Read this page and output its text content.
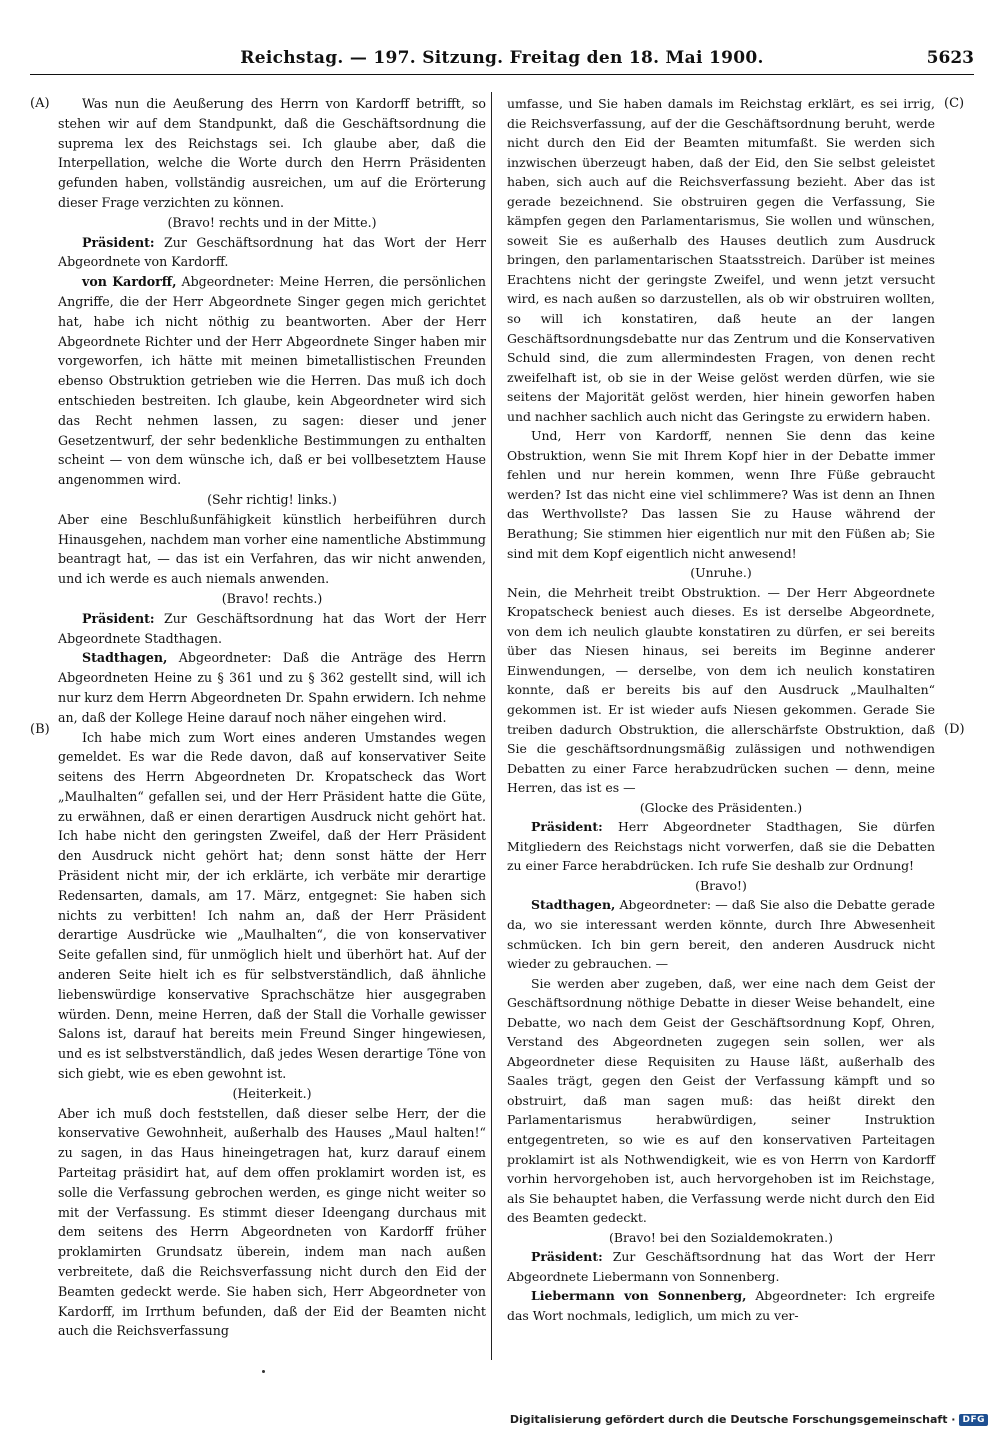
Reichstag. — 197. Sitzung. Freitag den 18. Mai 1900.	5623
(A)
(B)
(C)
(D)

Was nun die Aeußerung des Herrn von Kardorff betrifft, so stehen wir auf dem Standpunkt, daß die Geschäftsordnung die suprema lex des Reichstags sei. Ich glaube aber, daß die Interpellation, welche die Worte durch den Herrn Präsidenten gefunden haben, vollständig ausreichen, um auf die Erörterung dieser Frage verzichten zu können.

(Bravo! rechts und in der Mitte.)

Präsident: Zur Geschäftsordnung hat das Wort der Herr Abgeordnete von Kardorff.

von Kardorff, Abgeordneter: Meine Herren, die persönlichen Angriffe, die der Herr Abgeordnete Singer gegen mich gerichtet hat, habe ich nicht nöthig zu beantworten. Aber der Herr Abgeordnete Richter und der Herr Abgeordnete Singer haben mir vorgeworfen, ich hätte mit meinen bimetallistischen Freunden ebenso Obstruktion getrieben wie die Herren. Das muß ich doch entschieden bestreiten. Ich glaube, kein Abgeordneter wird sich das Recht nehmen lassen, zu sagen: dieser und jener Gesetzentwurf, der sehr bedenkliche Bestimmungen zu enthalten scheint — von dem wünsche ich, daß er bei vollbesetztem Hause angenommen wird.

(Sehr richtig! links.)

Aber eine Beschlußunfähigkeit künstlich herbeiführen durch Hinausgehen, nachdem man vorher eine namentliche Abstimmung beantragt hat, — das ist ein Verfahren, das wir nicht anwenden, und ich werde es auch niemals anwenden.

(Bravo! rechts.)

Präsident: Zur Geschäftsordnung hat das Wort der Herr Abgeordnete Stadthagen.

Stadthagen, Abgeordneter: Daß die Anträge des Herrn Abgeordneten Heine zu § 361 und zu § 362 gestellt sind, will ich nur kurz dem Herrn Abgeordneten Dr. Spahn erwidern. Ich nehme an, daß der Kollege Heine darauf noch näher eingehen wird.

Ich habe mich zum Wort eines anderen Umstandes wegen gemeldet. Es war die Rede davon, daß auf konservativer Seite seitens des Herrn Abgeordneten Dr. Kropatscheck das Wort „Maulhalten“ gefallen sei, und der Herr Präsident hatte die Güte, zu erwähnen, daß er einen derartigen Ausdruck nicht gehört hat. Ich habe nicht den geringsten Zweifel, daß der Herr Präsident den Ausdruck nicht gehört hat; denn sonst hätte der Herr Präsident nicht mir, der ich erklärte, ich verbäte mir derartige Redensarten, damals, am 17. März, entgegnet: Sie haben sich nichts zu verbitten! Ich nahm an, daß der Herr Präsident derartige Ausdrücke wie „Maulhalten“, die von konservativer Seite gefallen sind, für unmöglich hielt und überhört hat. Auf der anderen Seite hielt ich es für selbstverständlich, daß ähnliche liebenswürdige konservative Sprachschätze hier ausgegraben würden. Denn, meine Herren, daß der Stall die Vorhalle gewisser Salons ist, darauf hat bereits mein Freund Singer hingewiesen, und es ist selbstverständlich, daß jedes Wesen derartige Töne von sich giebt, wie es eben gewohnt ist.

(Heiterkeit.)

Aber ich muß doch feststellen, daß dieser selbe Herr, der die konservative Gewohnheit, außerhalb des Hauses „Maul halten!“ zu sagen, in das Haus hineingetragen hat, kurz darauf einem Parteitag präsidirt hat, auf dem offen proklamirt worden ist, es solle die Verfassung gebrochen werden, es ginge nicht weiter so mit der Verfassung. Es stimmt dieser Ideengang durchaus mit dem seitens des Herrn Abgeordneten von Kardorff früher proklamirten Grundsatz überein, indem man nach außen verbreitete, daß die Reichsverfassung nicht durch den Eid der Beamten gedeckt werde. Sie haben sich, Herr Abgeordneter von Kardorff, im Irrthum befunden, daß der Eid der Beamten nicht auch die Reichsverfassung

umfasse, und Sie haben damals im Reichstag erklärt, es sei irrig, die Reichsverfassung, auf der die Geschäftsordnung beruht, werde nicht durch den Eid der Beamten mitumfaßt. Sie werden sich inzwischen überzeugt haben, daß der Eid, den Sie selbst geleistet haben, sich auch auf die Reichsverfassung bezieht. Aber das ist gerade bezeichnend. Sie obstruiren gegen die Verfassung, Sie kämpfen gegen den Parlamentarismus, Sie wollen und wünschen, soweit Sie es außerhalb des Hauses deutlich zum Ausdruck bringen, den parlamentarischen Staatsstreich. Darüber ist meines Erachtens nicht der geringste Zweifel, und wenn jetzt versucht wird, es nach außen so darzustellen, als ob wir obstruiren wollten, so will ich konstatiren, daß heute an der langen Geschäftsordnungsdebatte nur das Zentrum und die Konservativen Schuld sind, die zum allermindesten Fragen, von denen recht zweifelhaft ist, ob sie in der Weise gelöst werden dürfen, wie sie seitens der Majorität gelöst werden, hier hinein geworfen haben und nachher sachlich auch nicht das Geringste zu erwidern haben.

Und, Herr von Kardorff, nennen Sie denn das keine Obstruktion, wenn Sie mit Ihrem Kopf hier in der Debatte immer fehlen und nur herein kommen, wenn Ihre Füße gebraucht werden? Ist das nicht eine viel schlimmere? Was ist denn an Ihnen das Werthvollste? Das lassen Sie zu Hause während der Berathung; Sie stimmen hier eigentlich nur mit den Füßen ab; Sie sind mit dem Kopf eigentlich nicht anwesend!

(Unruhe.)

Nein, die Mehrheit treibt Obstruktion. — Der Herr Abgeordnete Kropatscheck beniest auch dieses. Es ist derselbe Abgeordnete, von dem ich neulich glaubte konstatiren zu dürfen, er sei bereits über das Niesen hinaus, sei bereits im Beginne anderer Einwendungen, — derselbe, von dem ich neulich konstatiren konnte, daß er bereits bis auf den Ausdruck „Maulhalten“ gekommen ist. Er ist wieder aufs Niesen gekommen. Gerade Sie treiben dadurch Obstruktion, die allerschärfste Obstruktion, daß Sie die geschäftsordnungsmäßig zulässigen und nothwendigen Debatten zu einer Farce herabzudrücken suchen — denn, meine Herren, das ist es —

(Glocke des Präsidenten.)

Präsident: Herr Abgeordneter Stadthagen, Sie dürfen Mitgliedern des Reichstags nicht vorwerfen, daß sie die Debatten zu einer Farce herabdrücken. Ich rufe Sie deshalb zur Ordnung!

(Bravo!)

Stadthagen, Abgeordneter: — daß Sie also die Debatte gerade da, wo sie interessant werden könnte, durch Ihre Abwesenheit schmücken. Ich bin gern bereit, den anderen Ausdruck nicht wieder zu gebrauchen. —

Sie werden aber zugeben, daß, wer eine nach dem Geist der Geschäftsordnung nöthige Debatte in dieser Weise behandelt, eine Debatte, wo nach dem Geist der Geschäftsordnung Kopf, Ohren, Verstand des Abgeordneten zugegen sein sollen, wer als Abgeordneter diese Requisiten zu Hause läßt, außerhalb des Saales trägt, gegen den Geist der Verfassung kämpft und so obstruirt, daß man sagen muß: das heißt direkt den Parlamentarismus herabwürdigen, seiner Instruktion entgegentreten, so wie es auf den konservativen Parteitagen proklamirt ist als Nothwendigkeit, wie es von Herrn von Kardorff vorhin hervorgehoben ist, auch hervorgehoben ist im Reichstage, als Sie behauptet haben, die Verfassung werde nicht durch den Eid des Beamten gedeckt.

(Bravo! bei den Sozialdemokraten.)

Präsident: Zur Geschäftsordnung hat das Wort der Herr Abgeordnete Liebermann von Sonnenberg.

Liebermann von Sonnenberg, Abgeordneter: Ich ergreife das Wort nochmals, lediglich, um mich zu ver-

Digitalisierung gefördert durch die Deutsche Forschungsgemeinschaft · DFG
